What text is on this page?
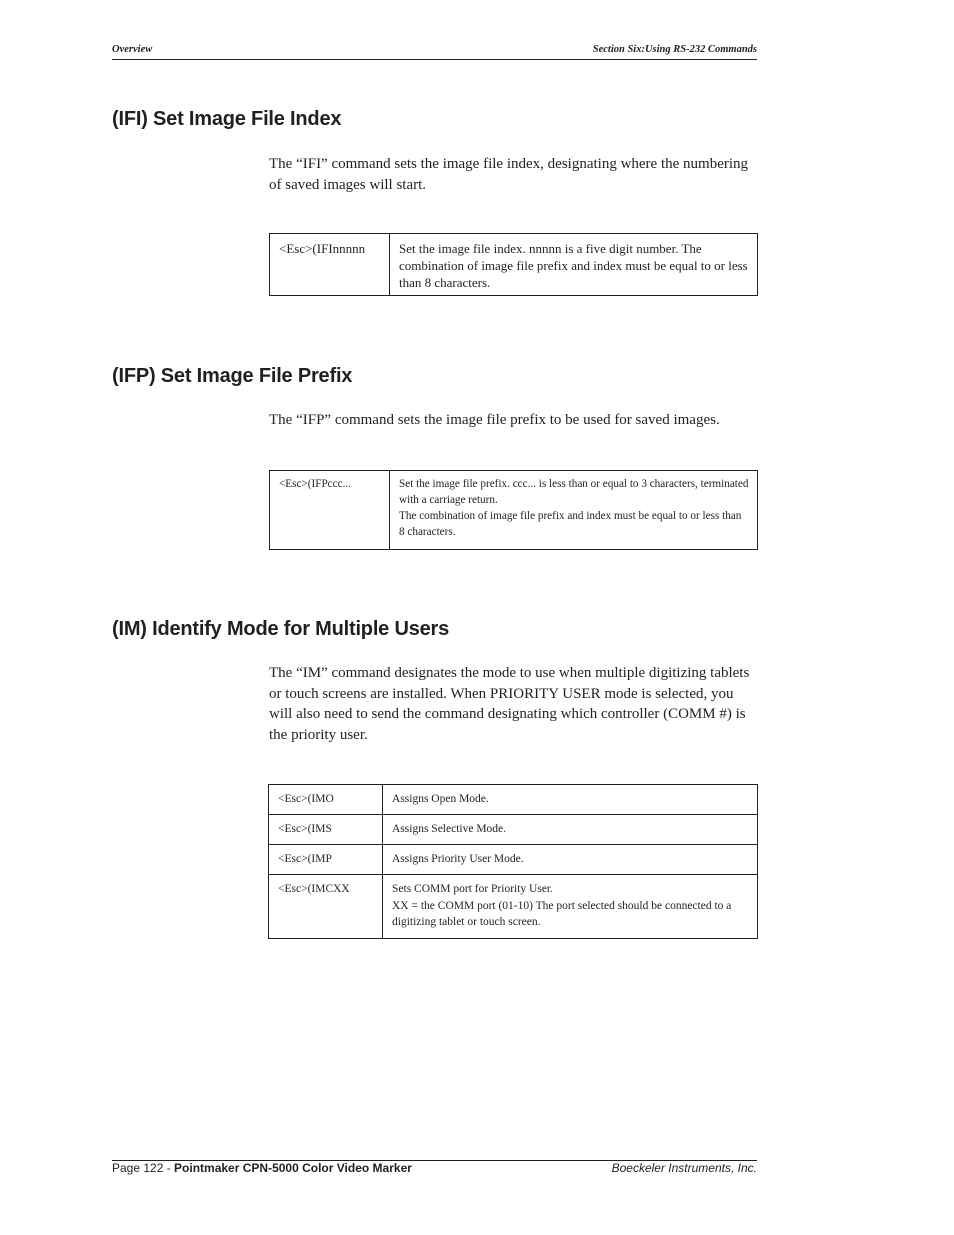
Overview	Section Six:Using RS-232 Commands
(IFI) Set Image File Index

The “IFI” command sets the image file index, designating where the numbering of saved images will start.

<Esc>(IFInnnnn	Set the image file index. nnnnn is a five digit number. The combination of image file prefix and index must be equal to or less than 8 characters.
(IFP) Set Image File Prefix

The “IFP” command sets the image file prefix to be used for saved images.

<Esc>(IFPccc...	Set the image file prefix. ccc... is less than or equal to 3 characters, terminated with a carriage return.
The combination of image file prefix and index must be equal to or less than 8 characters.
(IM) Identify Mode for Multiple Users

The “IM” command designates the mode to use when multiple digitizing tablets or touch screens are installed. When PRIORITY USER mode is selected, you will also need to send the command designating which controller (COMM #) is the priority user.

<Esc>(IMO	Assigns Open Mode.
<Esc>(IMS	Assigns Selective Mode.
<Esc>(IMP	Assigns Priority User Mode.
<Esc>(IMCXX	Sets COMM port for Priority User.
XX = the COMM port (01-10) The port selected should be connected to a digitizing tablet or touch screen.
Page 122 - Pointmaker CPN-5000 Color Video Marker	Boeckeler Instruments, Inc.
